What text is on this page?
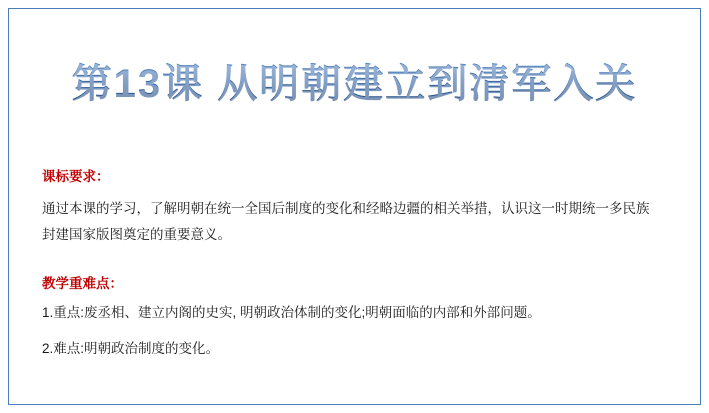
第13课 从明朝建立到清军入关

课标要求：

通过本课的学习，了解明朝在统一全国后制度的变化和经略边疆的相关举措，认识这一时期统一多民族

封建国家版图奠定的重要意义。

教学重难点：

1.重点:废丞相、建立内阁的史实, 明朝政治体制的变化;明朝面临的内部和外部问题。

2.难点:明朝政治制度的变化。
